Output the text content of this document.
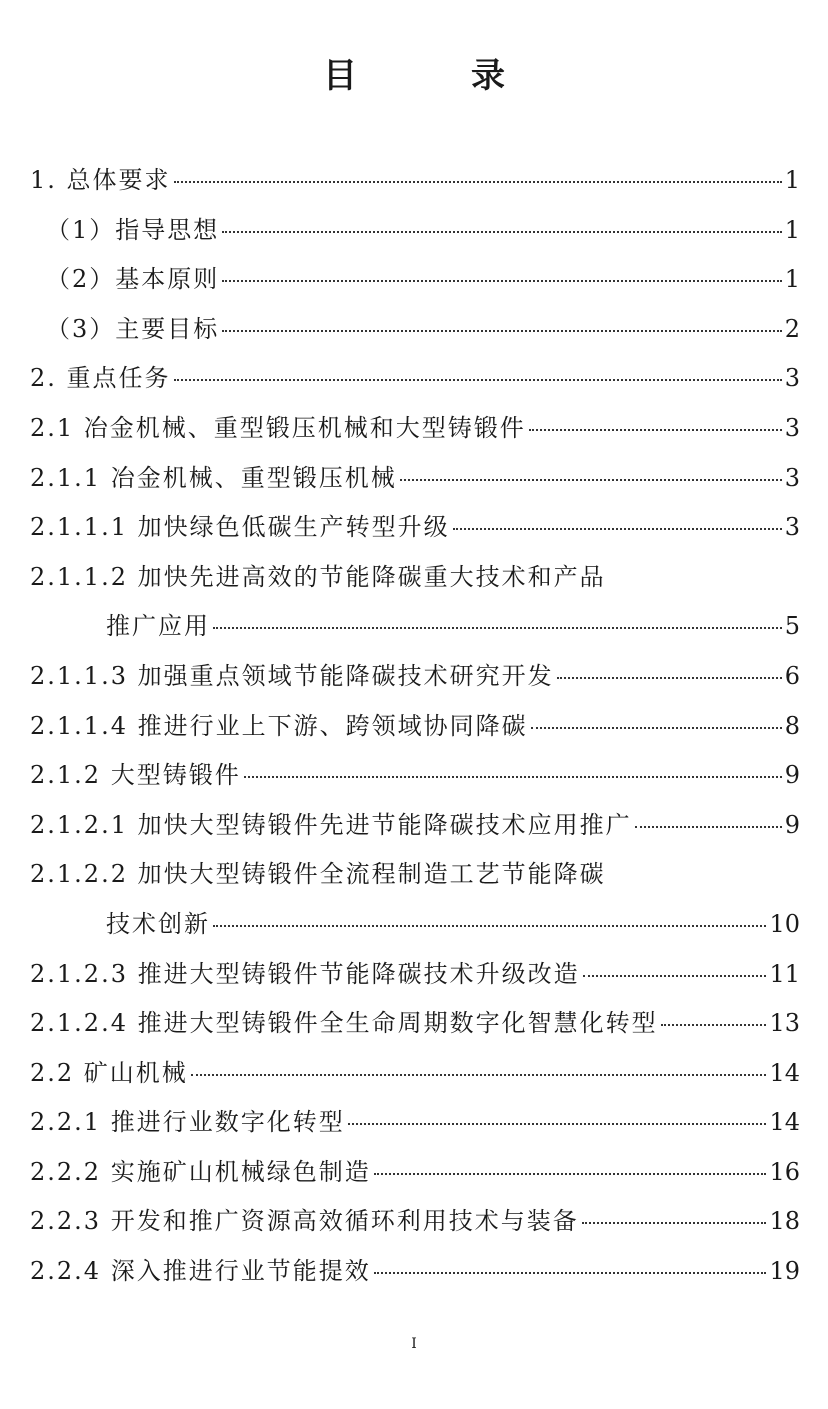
目　录
1. 总体要求	1
（1）指导思想	1
（2）基本原则	1
（3）主要目标	2
2. 重点任务	3
2.1 冶金机械、重型锻压机械和大型铸锻件	3
2.1.1 冶金机械、重型锻压机械	3
2.1.1.1 加快绿色低碳生产转型升级	3
2.1.1.2 加快先进高效的节能降碳重大技术和产品
推广应用	5
2.1.1.3 加强重点领域节能降碳技术研究开发	6
2.1.1.4 推进行业上下游、跨领域协同降碳	8
2.1.2 大型铸锻件	9
2.1.2.1 加快大型铸锻件先进节能降碳技术应用推广	9
2.1.2.2 加快大型铸锻件全流程制造工艺节能降碳
技术创新	10
2.1.2.3 推进大型铸锻件节能降碳技术升级改造	11
2.1.2.4 推进大型铸锻件全生命周期数字化智慧化转型	13
2.2 矿山机械	14
2.2.1 推进行业数字化转型	14
2.2.2 实施矿山机械绿色制造	16
2.2.3 开发和推广资源高效循环利用技术与装备	18
2.2.4 深入推进行业节能提效	19
I
